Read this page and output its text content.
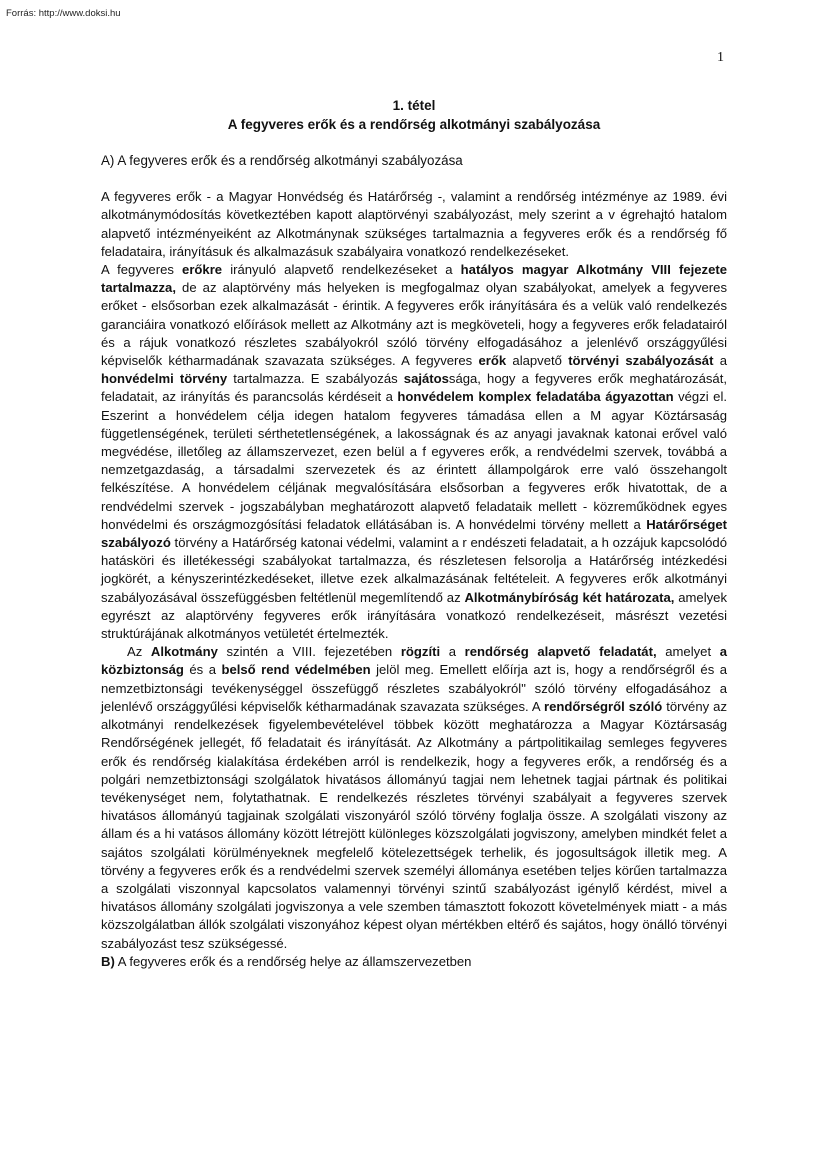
Forrás: http://www.doksi.hu
1
1. tétel
A fegyveres erők és a rendőrség alkotmányi szabályozása
A) A fegyveres erők és a rendőrség alkotmányi szabályozása

A fegyveres erők - a Magyar Honvédség és Határőrség -, valamint a rendőrség intézménye az 1989. évi alkotmánymódosítás következtében kapott alaptörvényi szabályozást, mely szerint a v égrehajtó hatalom alapvető intézményeiként az Alkotmánynak szükséges tartalmaznia a fegyveres erők és a rendőrség fő feladataira, irányításuk és alkalmazásuk szabályaira vonatkozó rendelkezéseket.

A fegyveres erőkre irányuló alapvető rendelkezéseket a hatályos magyar Alkotmány VIII fejezete tartalmazza, de az alaptörvény más helyeken is megfogalmaz olyan szabályokat, amelyek a fegyveres erőket - elsősorban ezek alkalmazását - érintik. A fegyveres erők irányítására és a velük való rendelkezés garanciáira vonatkozó előírások mellett az Alkotmány azt is megköveteli, hogy a fegyveres erők feladatairól és a rájuk vonatkozó részletes szabályokról szóló törvény elfogadásához a jelenlévő országgyűlési képviselők kétharmadának szavazata szükséges. A fegyveres erők alapvető törvényi szabályozását a honvédelmi törvény tartalmazza. E szabályozás sajátossága, hogy a fegyveres erők meghatározását, feladatait, az irányítás és parancsolás kérdéseit a honvédelem komplex feladatába ágyazottan végzi el. Eszerint a honvédelem célja idegen hatalom fegyveres támadása ellen a M agyar Köztársaság függetlenségének, területi sérthetetlenségének, a lakosságnak és az anyagi javaknak katonai erővel való megvédése, illetőleg az államszervezet, ezen belül a f egyveres erők, a rendvédelmi szervek, továbbá a nemzetgazdaság, a társadalmi szervezetek és az érintett állampolgárok erre való összehangolt felkészítése. A honvédelem céljának megvalósítására elsősorban a fegyveres erők hivatottak, de a rendvédelmi szervek - jogszabályban meghatározott alapvető feladataik mellett - közreműködnek egyes honvédelmi és országmozgósítási feladatok ellátásában is. A honvédelmi törvény mellett a Határőrséget szabályozó törvény a Határőrség katonai védelmi, valamint a r endészeti feladatait, a h ozzájuk kapcsolódó hatásköri és illetékességi szabályokat tartalmazza, és részletesen felsorolja a Határőrség intézkedési jogkörét, a kényszerintézkedéseket, illetve ezek alkalmazásának feltételeit. A fegyveres erők alkotmányi szabályozásával összefüggésben feltétlenül megemlítendő az Alkotmánybíróság két határozata, amelyek egyrészt az alaptörvény fegyveres erők irányítására vonatkozó rendelkezéseit, másrészt vezetési struktúrájának alkotmányos vetületét értelmezték.

Az Alkotmány szintén a VIII. fejezetében rögzíti a rendőrség alapvető feladatát, amelyet a közbiztonság és a belső rend védelmében jelöl meg. Emellett előírja azt is, hogy a rendőrségről és a nemzetbiztonsági tevékenységgel összefüggő részletes szabályokról" szóló törvény elfogadásához a jelenlévő országgyűlési képviselők kétharmadának szavazata szükséges. A rendőrségről szóló törvény az alkotmányi rendelkezések figyelembevételével többek között meghatározza a Magyar Köztársaság Rendőrségének jellegét, fő feladatait és irányítását. Az Alkotmány a pártpolitikailag semleges fegyveres erők és rendőrség kialakítása érdekében arról is rendelkezik, hogy a fegyveres erők, a rendőrség és a polgári nemzetbiztonsági szolgálatok hivatásos állományú tagjai nem lehetnek tagjai pártnak és politikai tevékenységet nem, folytathatnak. E rendelkezés részletes törvényi szabályait a fegyveres szervek hivatásos állományú tagjainak szolgálati viszonyáról szóló törvény foglalja össze. A szolgálati viszony az állam és a hi vatásos állomány között létrejött különleges közszolgálati jogviszony, amelyben mindkét felet a sajátos szolgálati körülményeknek megfelelő kötelezettségek terhelik, és jogosultságok illetik meg. A törvény a fegyveres erők és a rendvédelmi szervek személyi állománya esetében teljes körűen tartalmazza a szolgálati viszonnyal kapcsolatos valamennyi törvényi szintű szabályozást igénylő kérdést, mivel a hivatásos állomány szolgálati jogviszonya a vele szemben támasztott fokozott követelmények miatt - a más közszolgálatban állók szolgálati viszonyához képest olyan mértékben eltérő és sajátos, hogy önálló törvényi szabályozást tesz szükségessé.

B) A fegyveres erők és a rendőrség helye az államszervezetben
